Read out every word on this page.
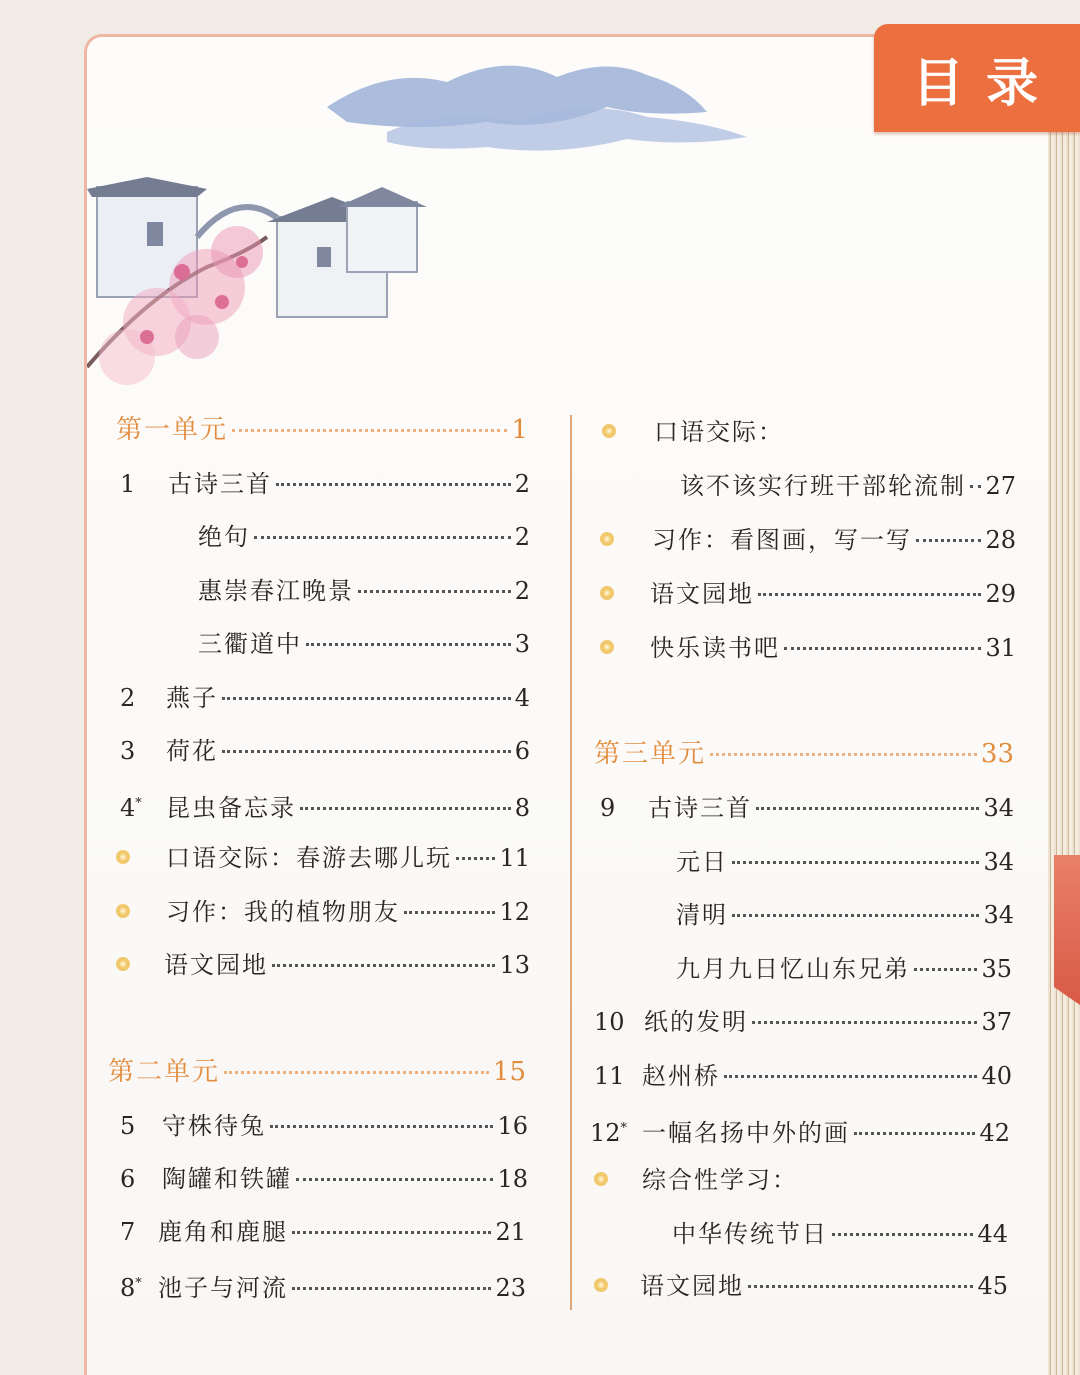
目录
第一单元	1
1	古诗三首	2
绝句	2
惠崇春江晚景	2
三衢道中	3
2	燕子	4
3	荷花	6
4*	昆虫备忘录	8
口语交际：春游去哪儿玩 11
习作：我的植物朋友	12
语文园地	13
第二单元	15
5	守株待兔	16
6	陶罐和铁罐	18
7 鹿角和鹿腿	21
8* 池子与河流	23
口语交际：
该不该实行班干部轮流制 27
习作：看图画，写一写	28
语文园地	29
快乐读书吧	31
第三单元	33
9	古诗三首	34
元日	34
清明	34
九月九日忆山东兄弟	35
10 纸的发明	37
11 赵州桥	40
12* 一幅名扬中外的画	42
综合性学习：
中华传统节日	44
语文园地	45
